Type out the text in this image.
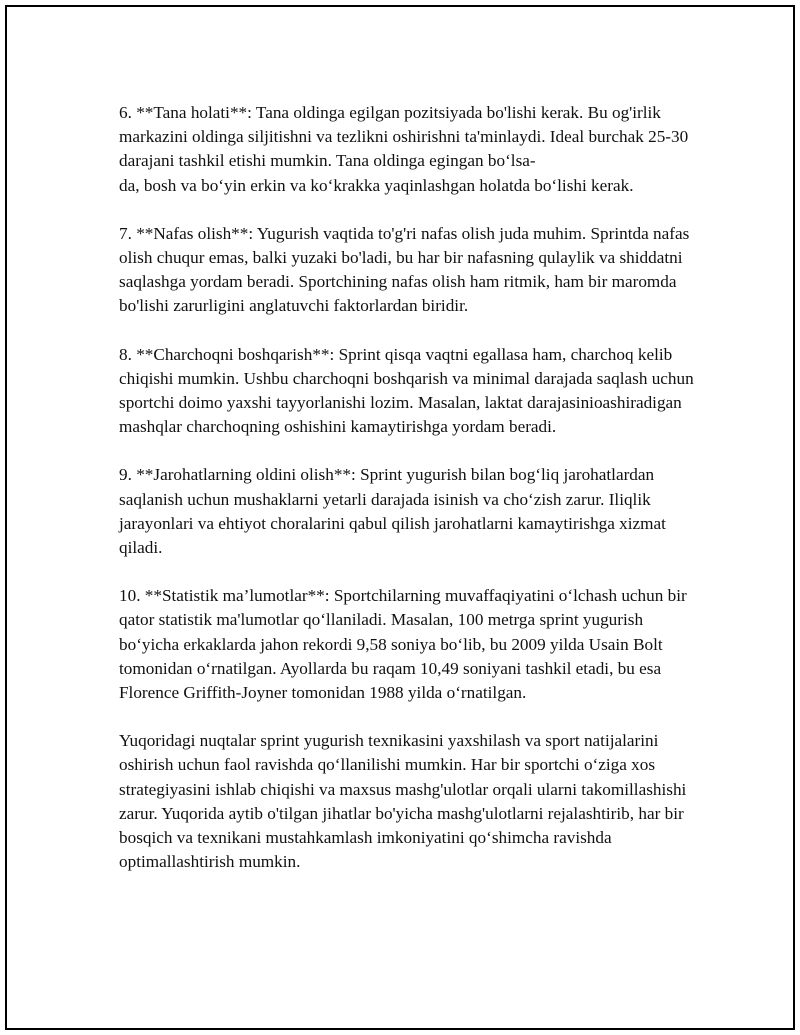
6. **Tana holati**: Tana oldinga egilgan pozitsiyada bo'lishi kerak. Bu og'irlik markazini oldinga siljitishni va tezlikni oshirishni ta'minlaydi. Ideal burchak 25-30 darajani tashkil etishi mumkin. Tana oldinga egingan bo‘lsa-
da, bosh va bo‘yin erkin va ko‘krakka yaqinlashgan holatda bo‘lishi kerak.

7. **Nafas olish**: Yugurish vaqtida to'g'ri nafas olish juda muhim. Sprintda nafas olish chuqur emas, balki yuzaki bo'ladi, bu har bir nafasning qulaylik va shiddatni saqlashga yordam beradi. Sportchining nafas olish ham ritmik, ham bir maromda bo'lishi zarurligini anglatuvchi faktorlardan biridir.

8. **Charchoqni boshqarish**: Sprint qisqa vaqtni egallasa ham, charchoq kelib chiqishi mumkin. Ushbu charchoqni boshqarish va minimal darajada saqlash uchun sportchi doimo yaxshi tayyorlanishi lozim. Masalan, laktat darajasinioashiradigan mashqlar charchoqning oshishini kamaytirishga yordam beradi.

9. **Jarohatlarning oldini olish**: Sprint yugurish bilan bog‘liq jarohatlardan saqlanish uchun mushaklarni yetarli darajada isinish va cho‘zish zarur. Iliqlik jarayonlari va ehtiyot choralarini qabul qilish jarohatlarni kamaytirishga xizmat qiladi.

10. **Statistik ma’lumotlar**: Sportchilarning muvaffaqiyatini o‘lchash uchun bir qator statistik ma'lumotlar qo‘llaniladi. Masalan, 100 metrga sprint yugurish bo‘yicha erkaklarda jahon rekordi 9,58 soniya bo‘lib, bu 2009 yilda Usain Bolt tomonidan o‘rnatilgan. Ayollarda bu raqam 10,49 soniyani tashkil etadi, bu esa Florence Griffith-Joyner tomonidan 1988 yilda o‘rnatilgan.

Yuqoridagi nuqtalar sprint yugurish texnikasini yaxshilash va sport natijalarini oshirish uchun faol ravishda qo‘llanilishi mumkin. Har bir sportchi o‘ziga xos strategiyasini ishlab chiqishi va maxsus mashg'ulotlar orqali ularni takomillashishi zarur. Yuqorida aytib o'tilgan jihatlar bo'yicha mashg'ulotlarni rejalashtirib, har bir bosqich va texnikani mustahkamlash imkoniyatini qo‘shimcha ravishda optimallashtirish mumkin.
